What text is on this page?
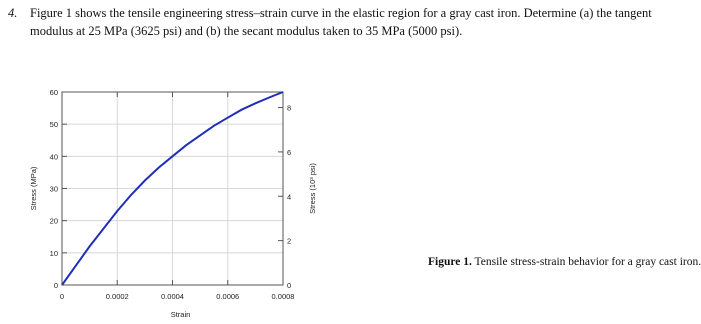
4. Figure 1 shows the tensile engineering stress–strain curve in the elastic region for a gray cast iron. Determine (a) the tangent modulus at 25 MPa (3625 psi) and (b) the secant modulus taken to 35 MPa (5000 psi).
0	0.0002	0.0004	0.0006	0.0008
0
10
20
30
40
50
60
0
2
4
6
8
Strain
Stress (MPa)	Stress (10³ psi)
Figure 1. Tensile stress-strain behavior for a gray cast iron.
